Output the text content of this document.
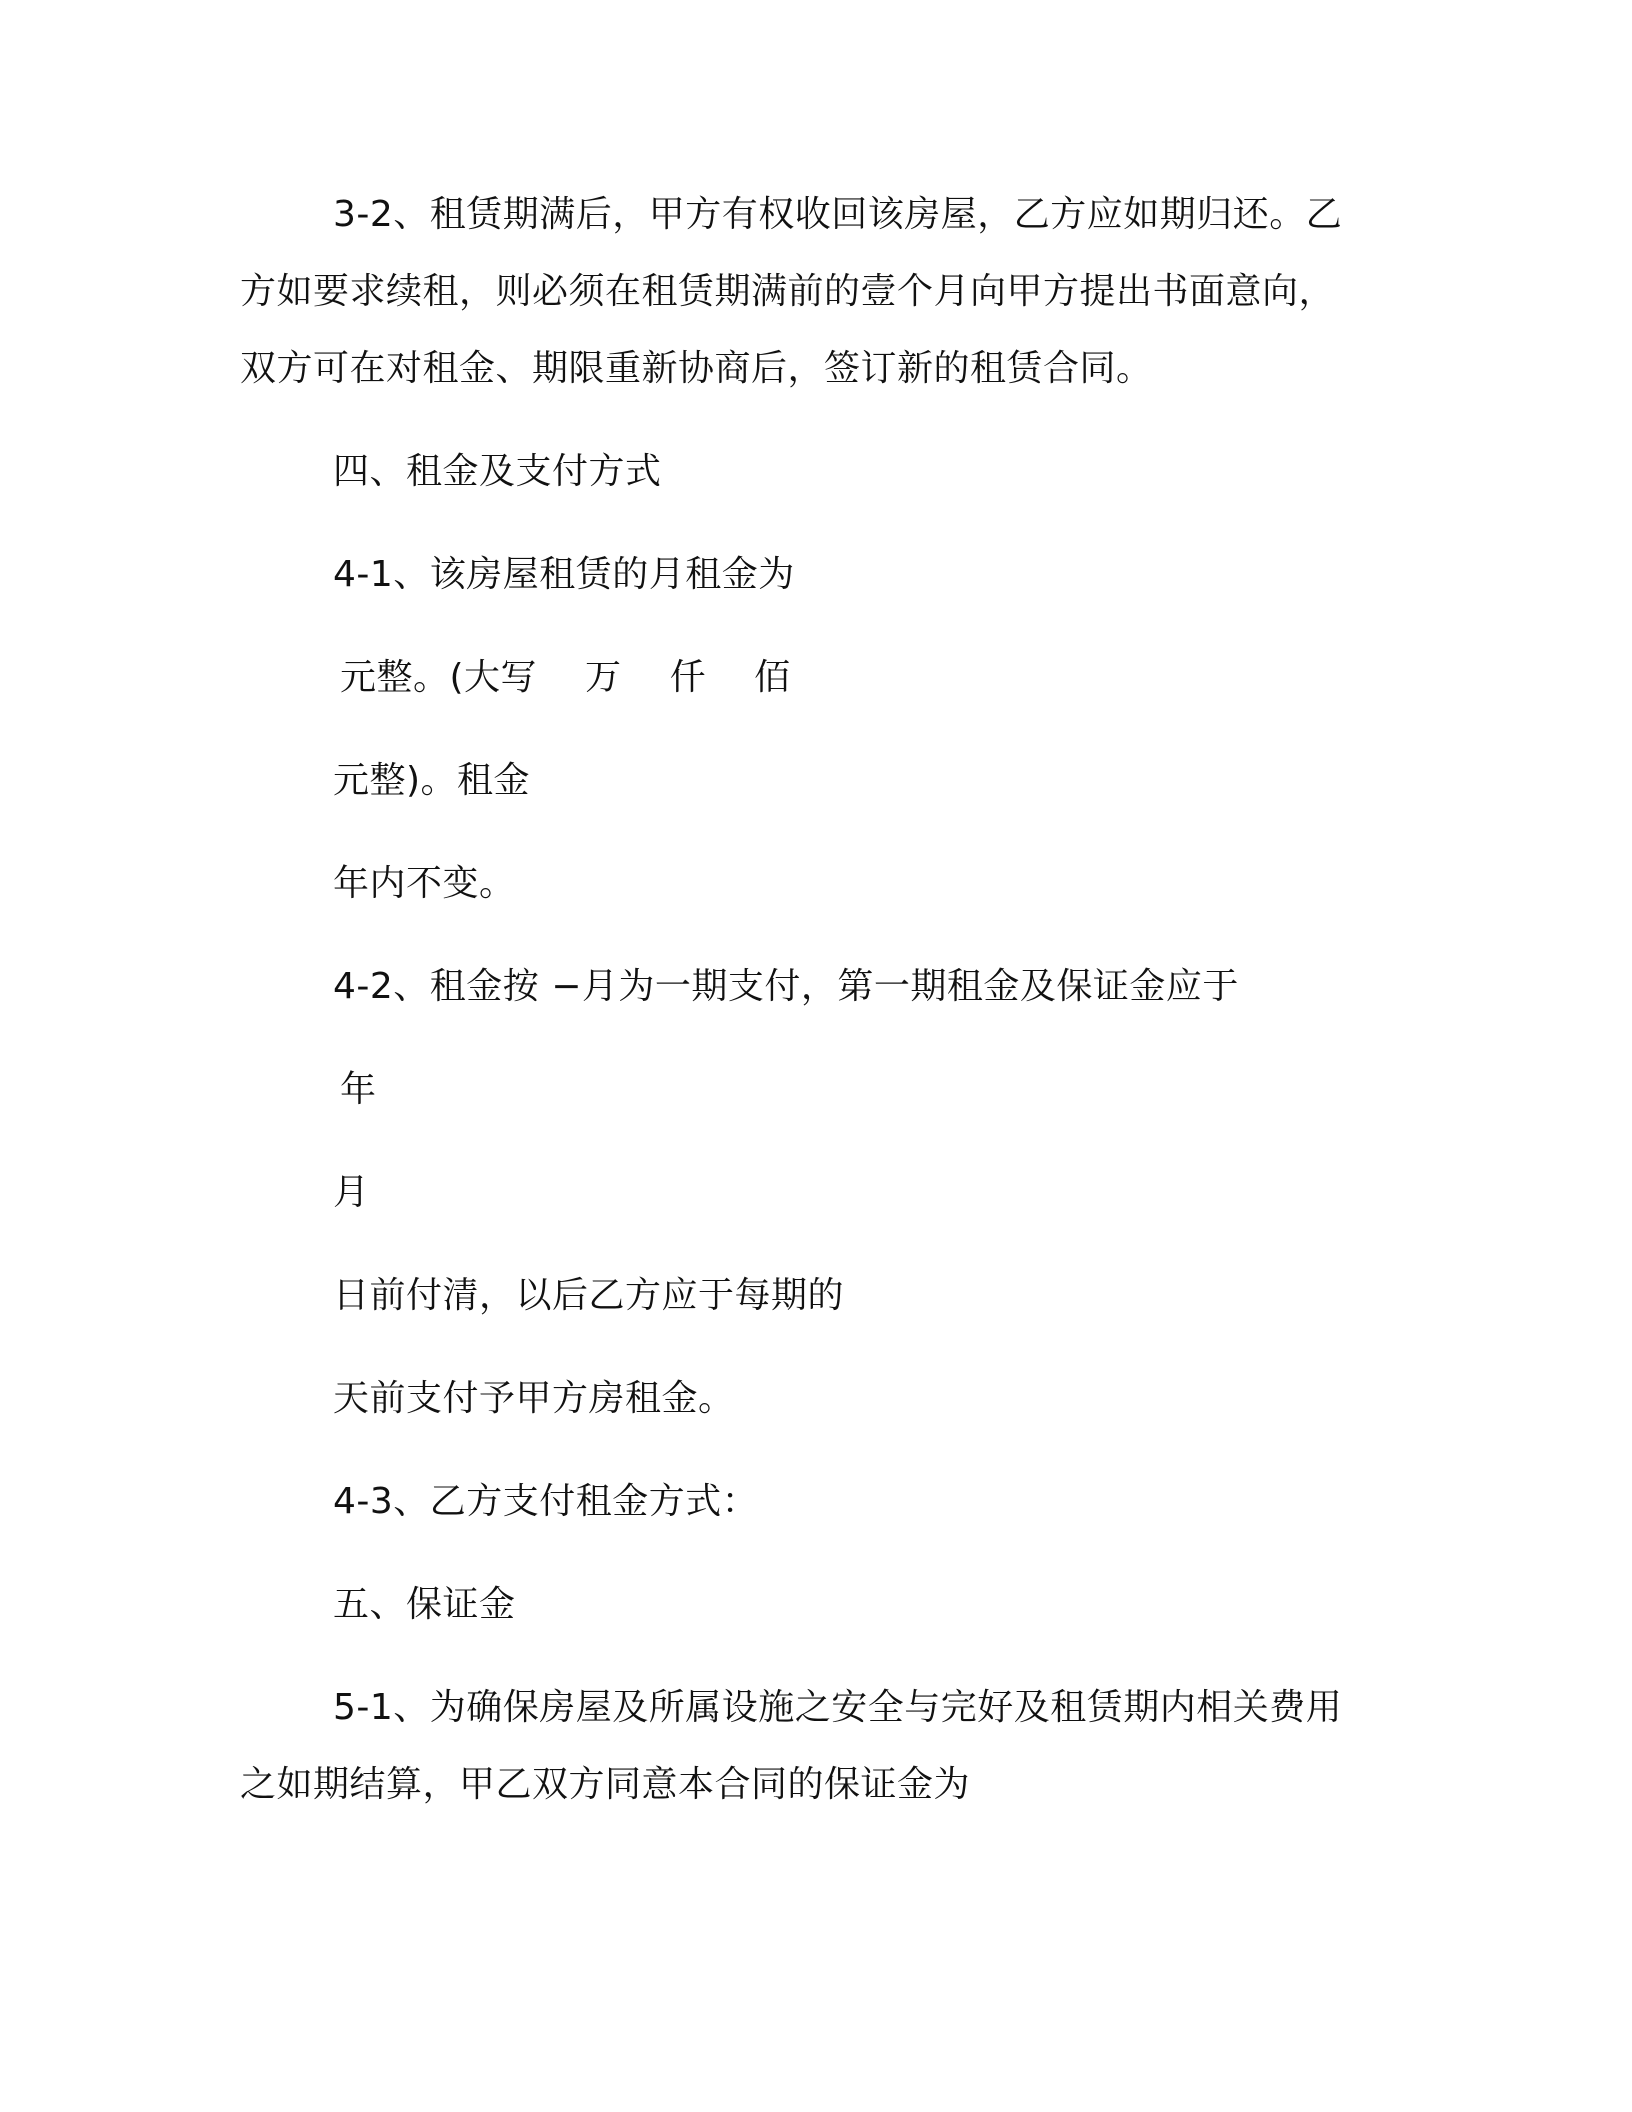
3-2、租赁期满后，甲方有权收回该房屋，乙方应如期归还。乙
方如要求续租，则必须在租赁期满前的壹个月向甲方提出书面意向，
双方可在对租金、期限重新协商后，签订新的租赁合同。
四、租金及支付方式
4-1、该房屋租赁的月租金为
元整。(大写 万 仟 佰
元整)。租金
年内不变。
4-2、租金按 −月为一期支付，第一期租金及保证金应于
年
月
日前付清，以后乙方应于每期的
天前支付予甲方房租金。
4-3、乙方支付租金方式：
五、保证金
5-1、为确保房屋及所属设施之安全与完好及租赁期内相关费用
之如期结算，甲乙双方同意本合同的保证金为
